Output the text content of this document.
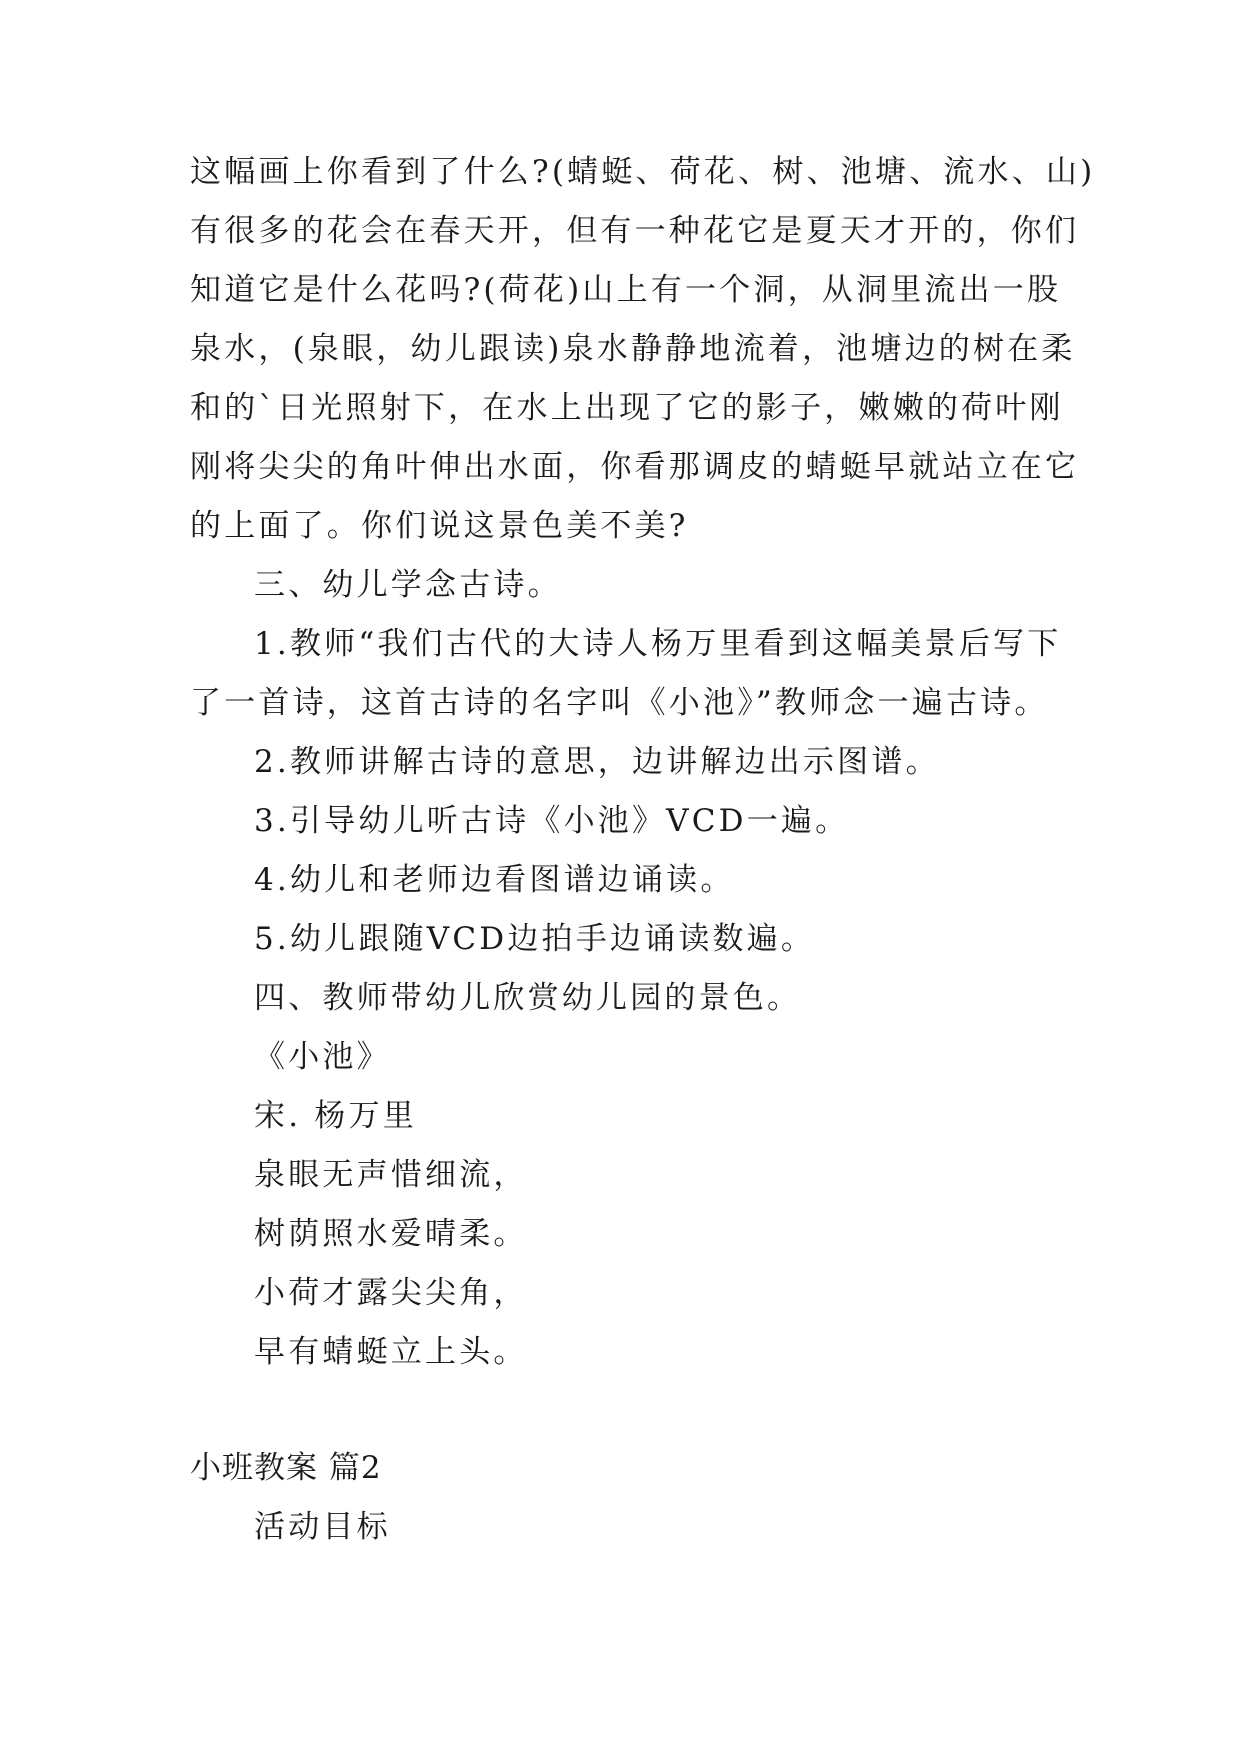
这幅画上你看到了什么?(蜻蜓、荷花、树、池塘、流水、山)
有很多的花会在春天开，但有一种花它是夏天才开的，你们
知道它是什么花吗?(荷花)山上有一个洞，从洞里流出一股
泉水，(泉眼，幼儿跟读)泉水静静地流着，池塘边的树在柔
和的`日光照射下，在水上出现了它的影子，嫩嫩的荷叶刚
刚将尖尖的角叶伸出水面，你看那调皮的蜻蜓早就站立在它
的上面了。你们说这景色美不美?
三、幼儿学念古诗。
1.教师“我们古代的大诗人杨万里看到这幅美景后写下
了一首诗，这首古诗的名字叫《小池》”教师念一遍古诗。
2.教师讲解古诗的意思，边讲解边出示图谱。
3.引导幼儿听古诗《小池》VCD一遍。
4.幼儿和老师边看图谱边诵读。
5.幼儿跟随VCD边拍手边诵读数遍。
四、教师带幼儿欣赏幼儿园的景色。
《小池》
宋. 杨万里
泉眼无声惜细流，
树荫照水爱晴柔。
小荷才露尖尖角，
早有蜻蜓立上头。
小班教案 篇2
活动目标
